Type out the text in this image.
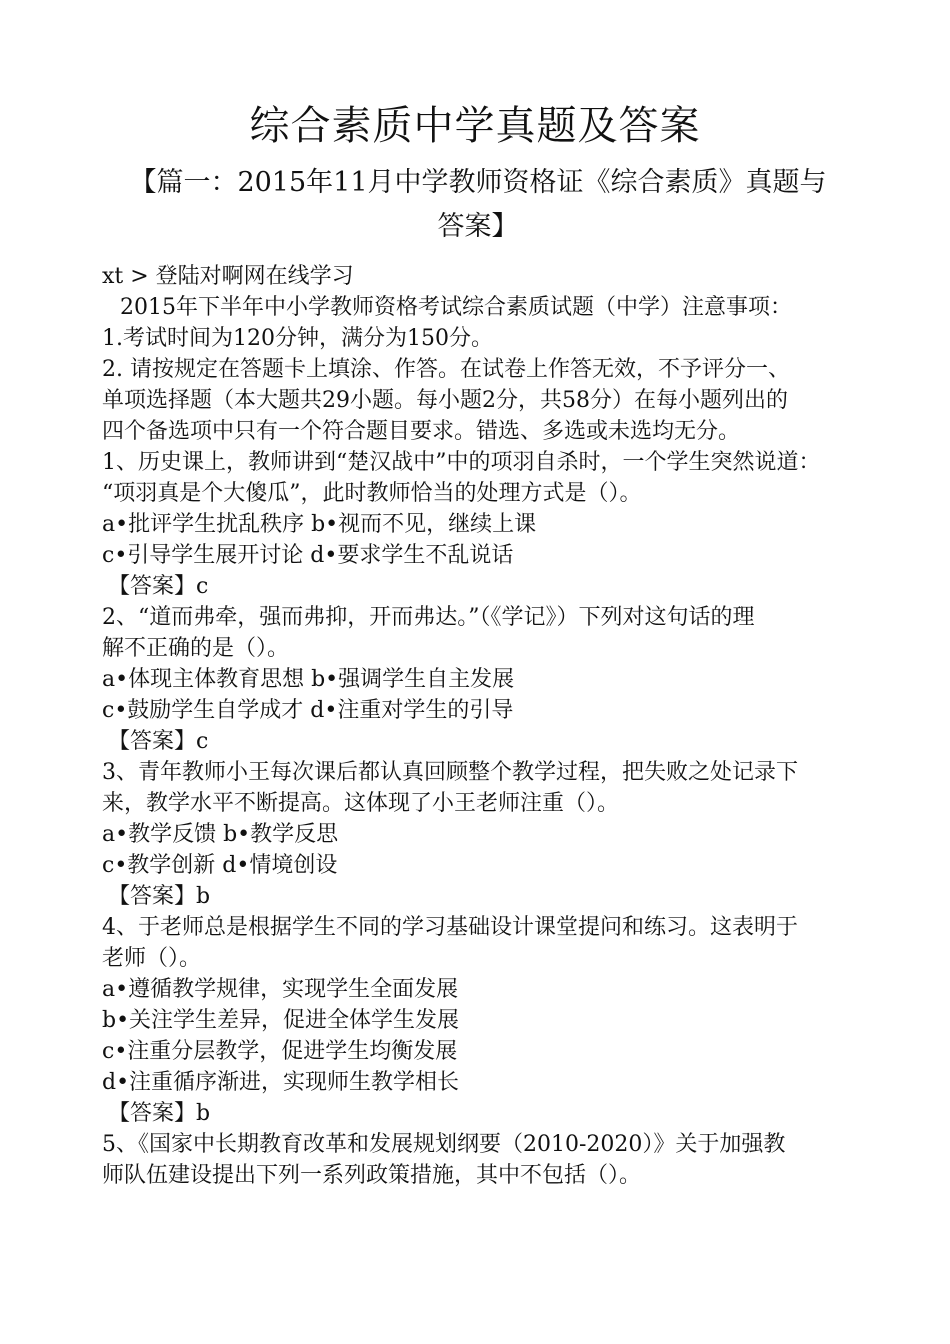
综合素质中学真题及答案
【篇一：2015年11月中学教师资格证《综合素质》真题与
答案】

xt > 登陆对啊网在线学习

2015年下半年中小学教师资格考试综合素质试题（中学）注意事项：

1.考试时间为120分钟，满分为150分。

2. 请按规定在答题卡上填涂、作答。在试卷上作答无效，不予评分一、

单项选择题（本大题共29小题。每小题2分，共58分）在每小题列出的

四个备选项中只有一个符合题目要求。错选、多选或未选均无分。

1、历史课上，教师讲到“楚汉战中”中的项羽自杀时，一个学生突然说道：

“项羽真是个大傻瓜”，此时教师恰当的处理方式是（）。

a•批评学生扰乱秩序 b•视而不见，继续上课

c•引导学生展开讨论 d•要求学生不乱说话

【答案】c

2、“道而弗牵，强而弗抑，开而弗达。”（《学记》）下列对这句话的理

解不正确的是（）。

a•体现主体教育思想 b•强调学生自主发展

c•鼓励学生自学成才 d•注重对学生的引导

【答案】c

3、青年教师小王每次课后都认真回顾整个教学过程，把失败之处记录下

来，教学水平不断提高。这体现了小王老师注重（）。

a•教学反馈 b•教学反思

c•教学创新 d•情境创设

【答案】b

4、于老师总是根据学生不同的学习基础设计课堂提问和练习。这表明于

老师（）。

a•遵循教学规律，实现学生全面发展

b•关注学生差异，促进全体学生发展

c•注重分层教学，促进学生均衡发展

d•注重循序渐进，实现师生教学相长

【答案】b

5、《国家中长期教育改革和发展规划纲要（2010-2020）》关于加强教

师队伍建设提出下列一系列政策措施，其中不包括（）。
